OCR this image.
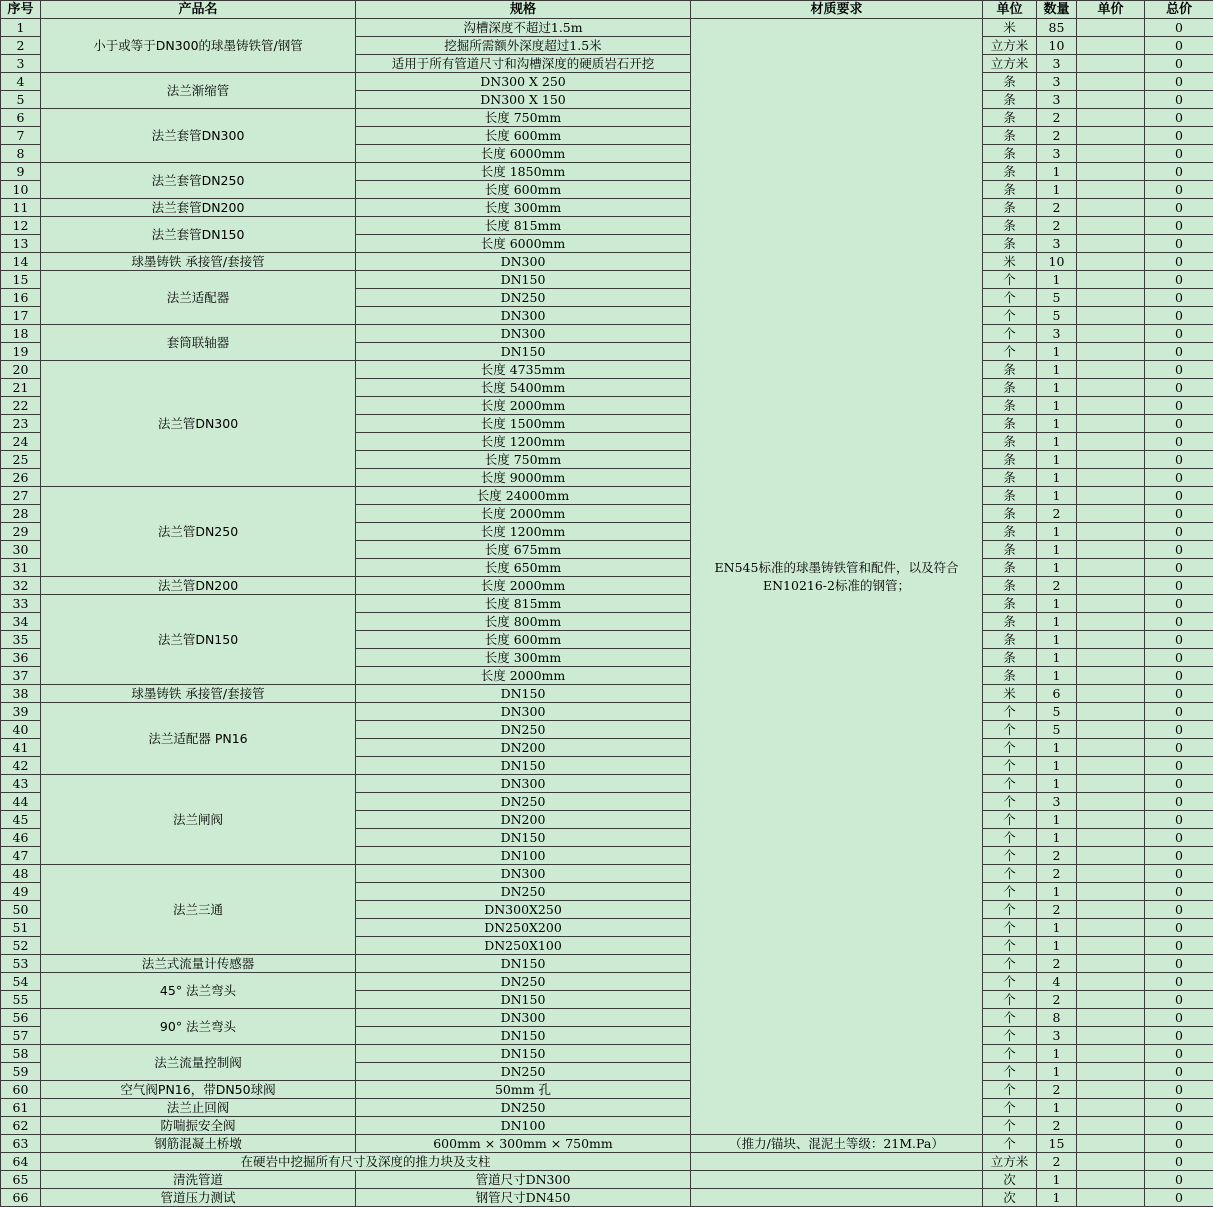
序号	产品名	规格	材质要求	单位	数量	单价	总价
1	小于或等于DN300的球墨铸铁管/钢管	沟槽深度不超过1.5m	EN545标准的球墨铸铁管和配件，以及符合EN10216-2标准的钢管；	米	85		0
2		挖掘所需额外深度超过1.5米		立方米	10		0
3		适用于所有管道尺寸和沟槽深度的硬质岩石开挖		立方米	3		0
4	法兰渐缩管	DN300 X 250		条	3		0
5		DN300 X 150		条	3		0
6	法兰套管DN300	长度 750mm		条	2		0
7		长度 600mm		条	2		0
8		长度 6000mm		条	3		0
9	法兰套管DN250	长度 1850mm		条	1		0
10		长度 600mm		条	1		0
11	法兰套管DN200	长度 300mm		条	2		0
12	法兰套管DN150	长度 815mm		条	2		0
13		长度 6000mm		条	3		0
14	球墨铸铁 承接管/套接管	DN300		米	10		0
15	法兰适配器	DN150		个	1		0
16		DN250		个	5		0
17		DN300		个	5		0
18	套筒联轴器	DN300		个	3		0
19		DN150		个	1		0
20	法兰管DN300	长度 4735mm		条	1		0
21		长度 5400mm		条	1		0
22		长度 2000mm		条	1		0
23		长度 1500mm		条	1		0
24		长度 1200mm		条	1		0
25		长度 750mm		条	1		0
26		长度 9000mm		条	1		0
27	法兰管DN250	长度 24000mm		条	1		0
28		长度 2000mm		条	2		0
29		长度 1200mm		条	1		0
30		长度 675mm		条	1		0
31		长度 650mm		条	1		0
32	法兰管DN200	长度 2000mm		条	2		0
33	法兰管DN150	长度 815mm		条	1		0
34		长度 800mm		条	1		0
35		长度 600mm		条	1		0
36		长度 300mm		条	1		0
37		长度 2000mm		条	1		0
38	球墨铸铁 承接管/套接管	DN150		米	6		0
39	法兰适配器 PN16	DN300		个	5		0
40		DN250		个	5		0
41		DN200		个	1		0
42		DN150		个	1		0
43	法兰闸阀	DN300		个	1		0
44		DN250		个	3		0
45		DN200		个	1		0
46		DN150		个	1		0
47		DN100		个	2		0
48	法兰三通	DN300		个	2		0
49		DN250		个	1		0
50		DN300X250		个	2		0
51		DN250X200		个	1		0
52		DN250X100		个	1		0
53	法兰式流量计传感器	DN150		个	2		0
54	45° 法兰弯头	DN250		个	4		0
55		DN150		个	2		0
56	90° 法兰弯头	DN300		个	8		0
57		DN150		个	3		0
58	法兰流量控制阀	DN150		个	1		0
59		DN250		个	1		0
60	空气阀PN16，带DN50球阀	50mm 孔		个	2		0
61	法兰止回阀	DN250		个	1		0
62	防喘振安全阀	DN100		个	2		0
63	钢筋混凝土桥墩	600mm × 300mm × 750mm	（推力/锚块、混泥土等级：21M.Pa）	个	15		0
64	在硬岩中挖掘所有尺寸及深度的推力块及支柱			立方米	2		0
65	清洗管道	管道尺寸DN300		次	1		0
66	管道压力测试	钢管尺寸DN450		次	1		0
